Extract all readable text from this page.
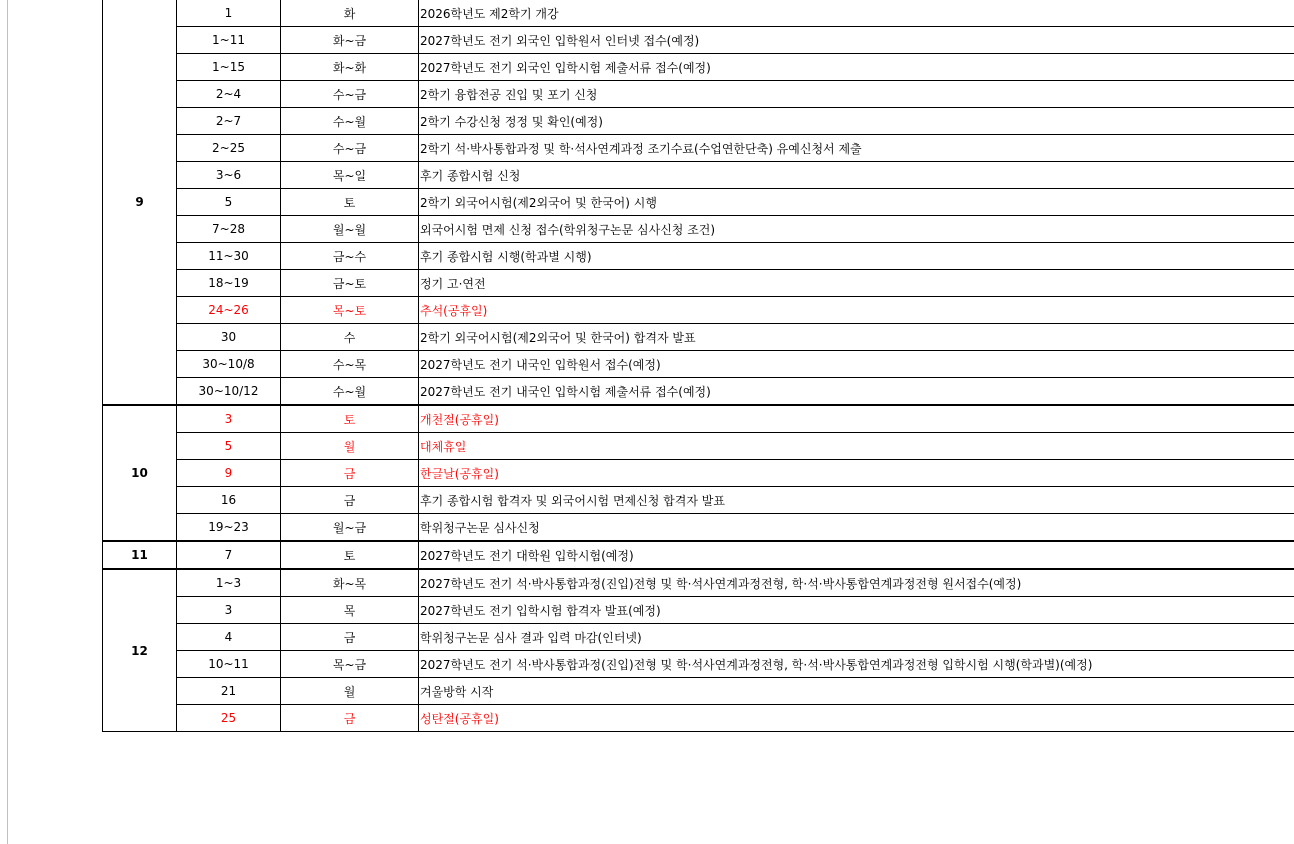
9	1	화	2026학년도 제2학기 개강
	1~11	화~금	2027학년도 전기 외국인 입학원서 인터넷 접수(예정)
	1~15	화~화	2027학년도 전기 외국인 입학시험 제출서류 접수(예정)
	2~4	수~금	2학기 융합전공 진입 및 포기 신청
	2~7	수~월	2학기 수강신청 정정 및 확인(예정)
	2~25	수~금	2학기 석·박사통합과정 및 학·석사연계과정 조기수료(수업연한단축) 유예신청서 제출
	3~6	목~일	후기 종합시험 신청
	5	토	2학기 외국어시험(제2외국어 및 한국어) 시행
	7~28	월~월	외국어시험 면제 신청 접수(학위청구논문 심사신청 조건)
	11~30	금~수	후기 종합시험 시행(학과별 시행)
	18~19	금~토	정기 고·연전
	24~26	목~토	추석(공휴일)
	30	수	2학기 외국어시험(제2외국어 및 한국어) 합격자 발표
	30~10/8	수~목	2027학년도 전기 내국인 입학원서 접수(예정)
	30~10/12	수~월	2027학년도 전기 내국인 입학시험 제출서류 접수(예정)
10	3	토	개천절(공휴일)
	5	월	대체휴일
	9	금	한글날(공휴일)
	16	금	후기 종합시험 합격자 및 외국어시험 면제신청 합격자 발표
	19~23	월~금	학위청구논문 심사신청
11	7	토	2027학년도 전기 대학원 입학시험(예정)
12	1~3	화~목	2027학년도 전기 석·박사통합과정(진입)전형 및 학·석사연계과정전형, 학·석·박사통합연계과정전형 원서접수(예정)
	3	목	2027학년도 전기 입학시험 합격자 발표(예정)
	4	금	학위청구논문 심사 결과 입력 마감(인터넷)
	10~11	목~금	2027학년도 전기 석·박사통합과정(진입)전형 및 학·석사연계과정전형, 학·석·박사통합연계과정전형 입학시험 시행(학과별)(예정)
	21	월	겨울방학 시작
	25	금	성탄절(공휴일)
